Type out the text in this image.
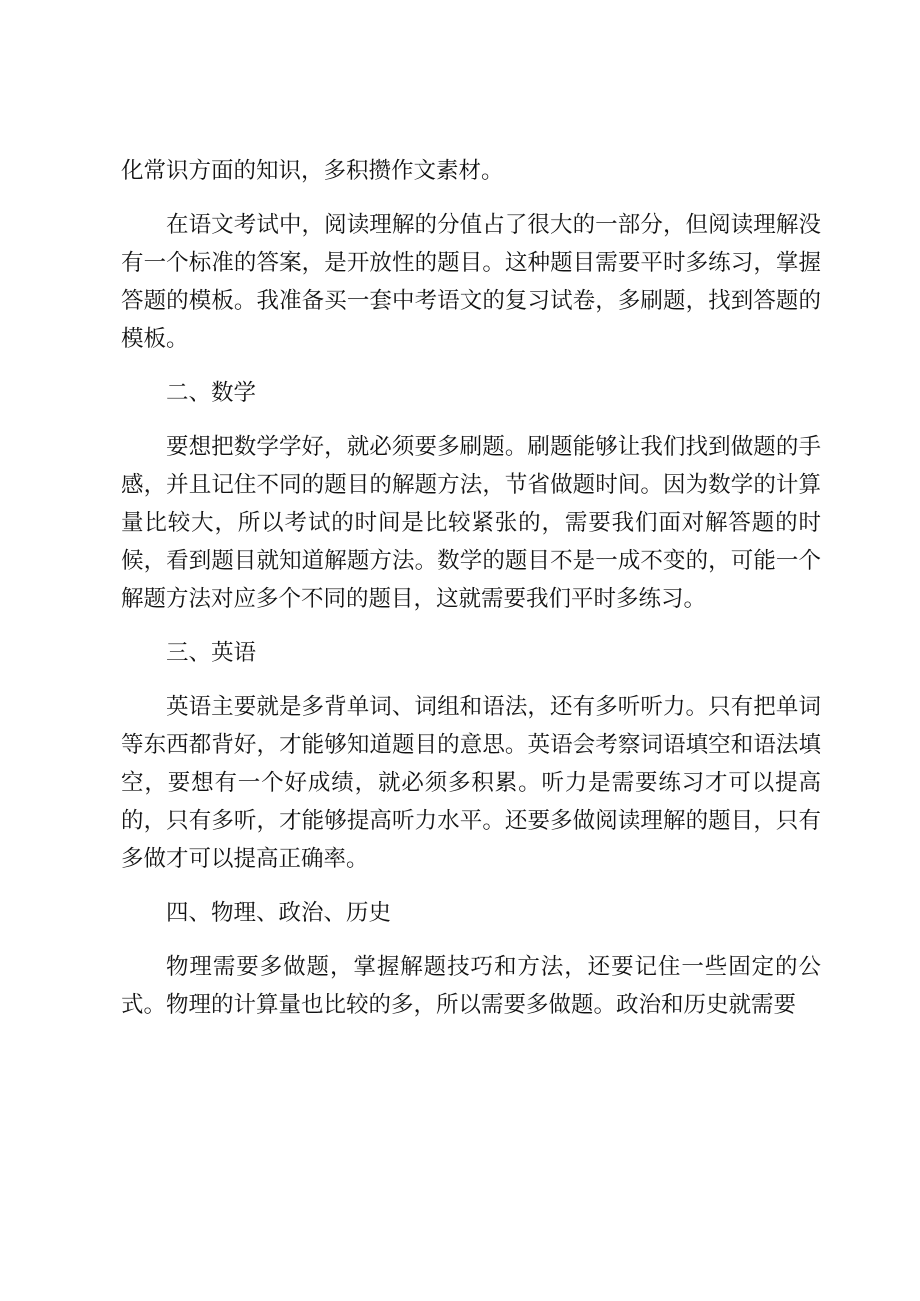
化常识方面的知识，多积攒作文素材。

在语文考试中，阅读理解的分值占了很大的一部分，但阅读理解没有一个标准的答案，是开放性的题目。这种题目需要平时多练习，掌握答题的模板。我准备买一套中考语文的复习试卷，多刷题，找到答题的模板。

二、数学

要想把数学学好，就必须要多刷题。刷题能够让我们找到做题的手感，并且记住不同的题目的解题方法，节省做题时间。因为数学的计算量比较大，所以考试的时间是比较紧张的，需要我们面对解答题的时候，看到题目就知道解题方法。数学的题目不是一成不变的，可能一个解题方法对应多个不同的题目，这就需要我们平时多练习。

三、英语

英语主要就是多背单词、词组和语法，还有多听听力。只有把单词等东西都背好，才能够知道题目的意思。英语会考察词语填空和语法填空，要想有一个好成绩，就必须多积累。听力是需要练习才可以提高的，只有多听，才能够提高听力水平。还要多做阅读理解的题目，只有多做才可以提高正确率。

四、物理、政治、历史

物理需要多做题，掌握解题技巧和方法，还要记住一些固定的公式。物理的计算量也比较的多，所以需要多做题。政治和历史就需要
